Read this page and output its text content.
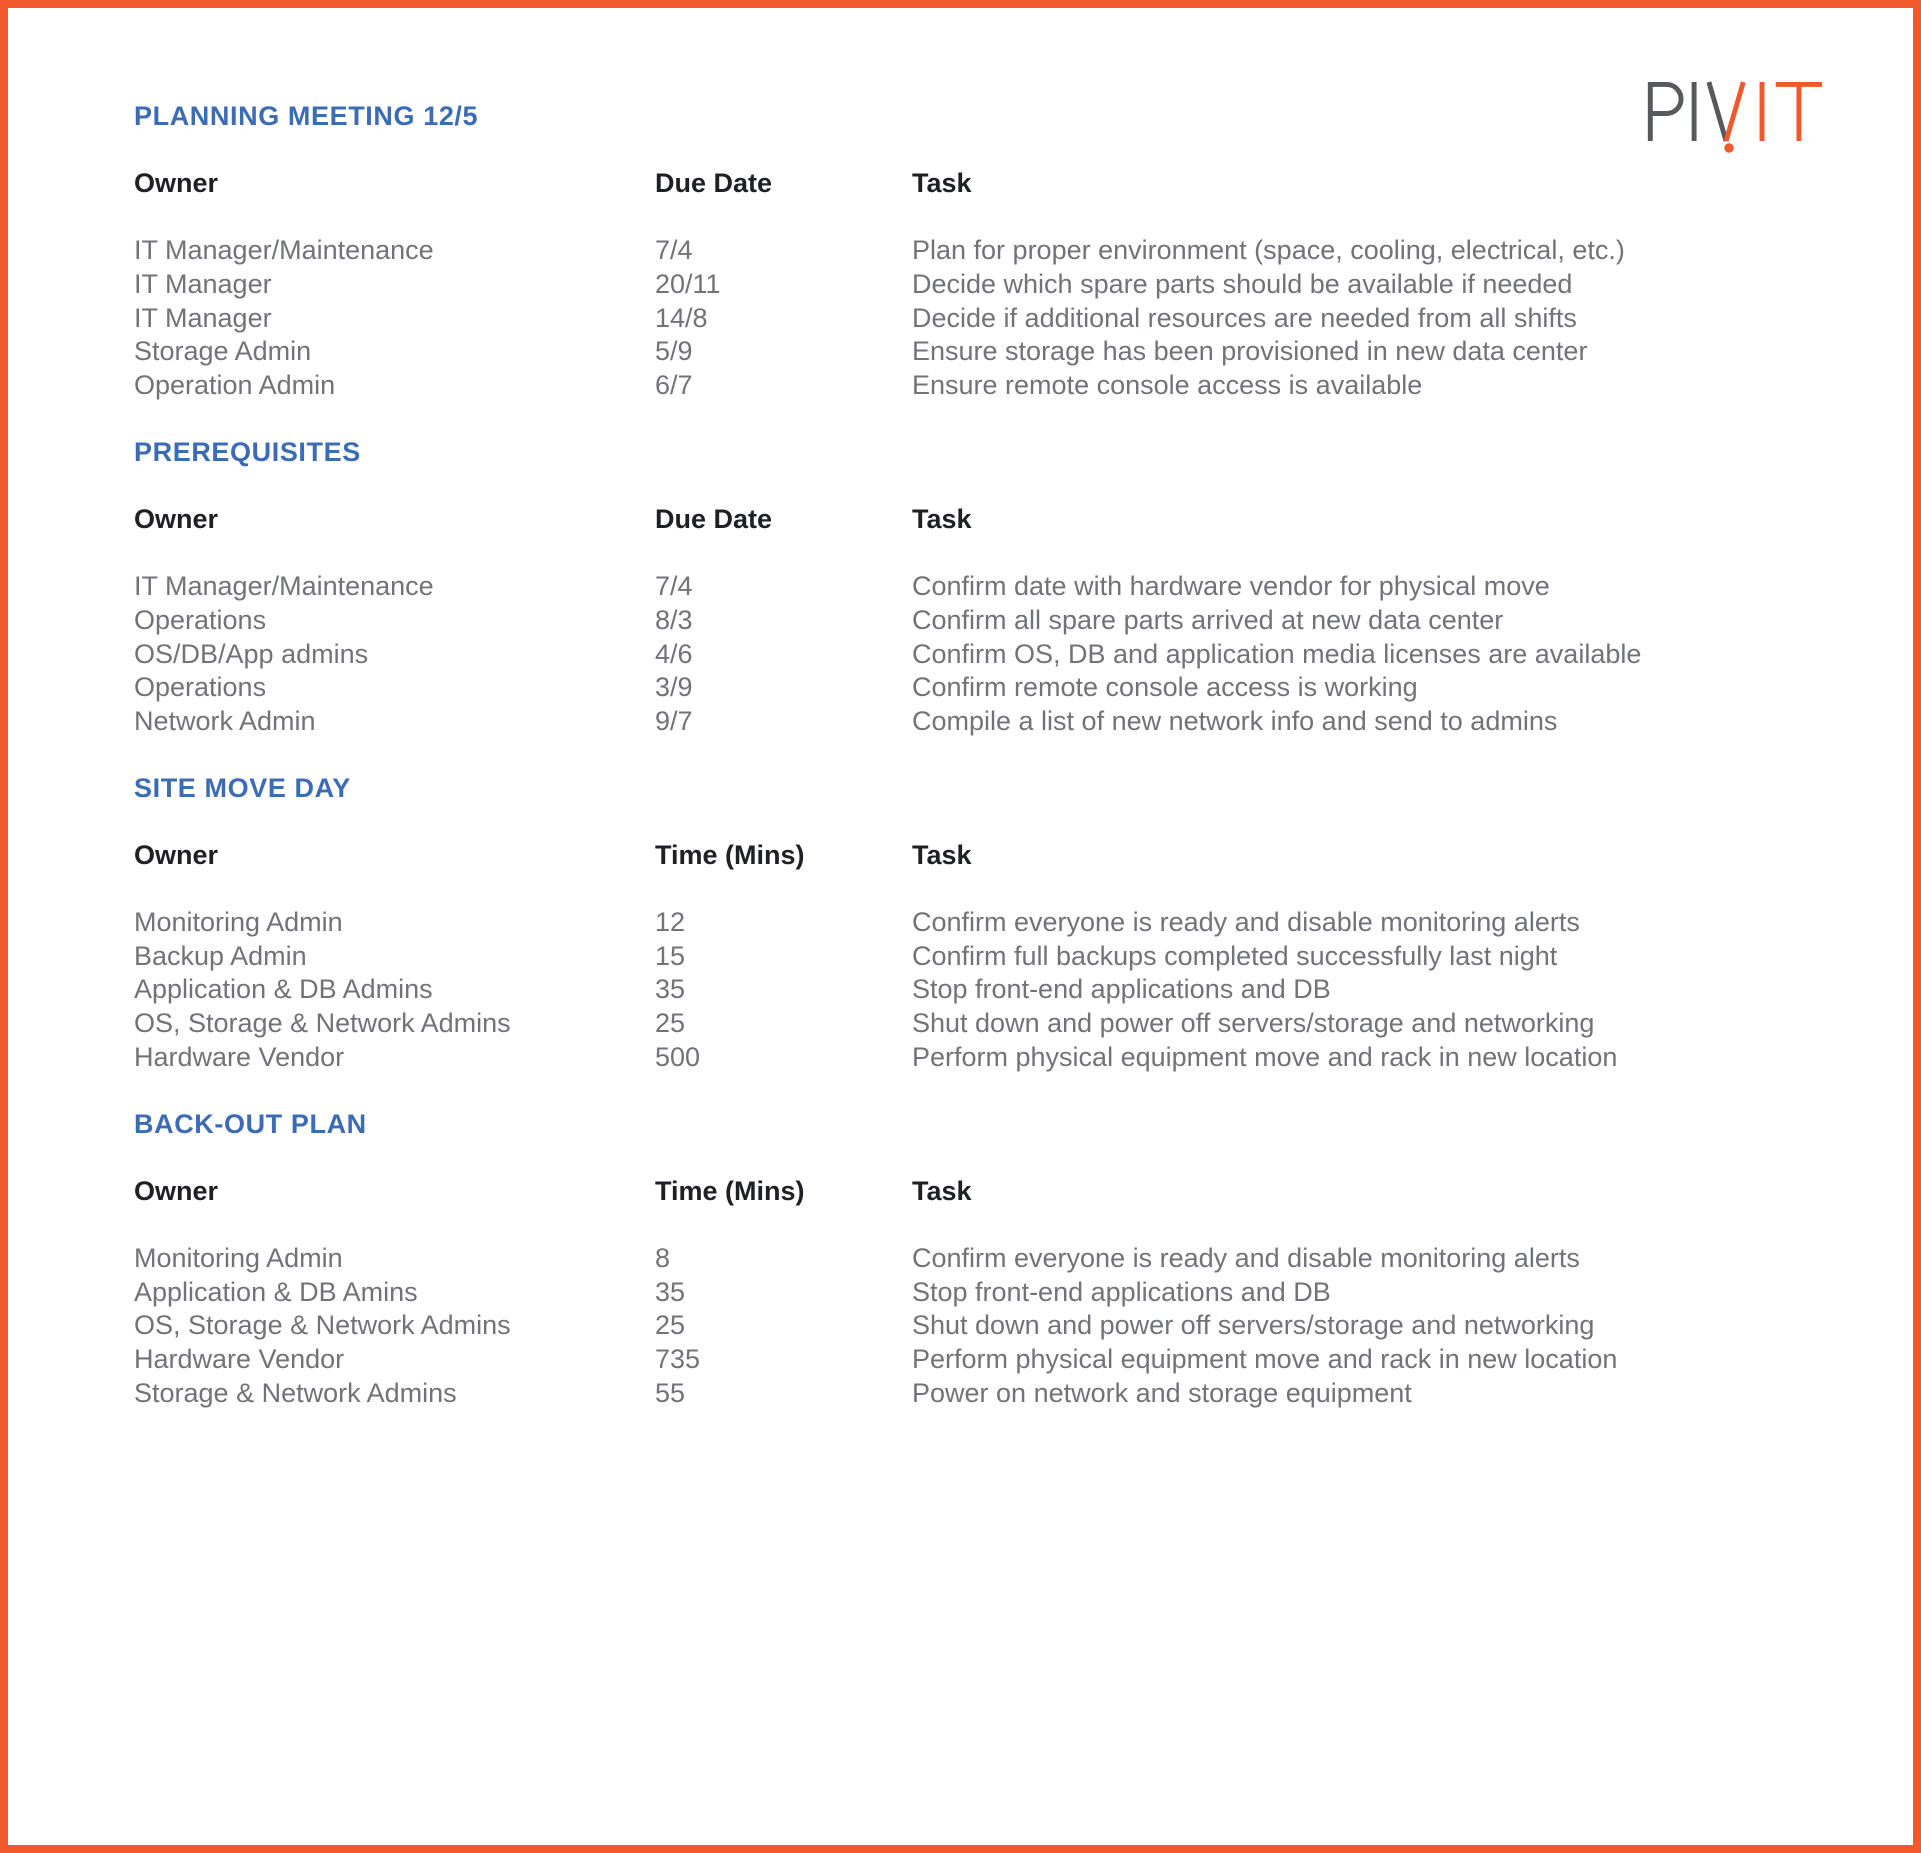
PLANNING MEETING 12/5
Owner	Due Date	Task
IT Manager/Maintenance	7/4	Plan for proper environment (space, cooling, electrical, etc.)
IT Manager	20/11	Decide which spare parts should be available if needed
IT Manager	14/8	Decide if additional resources are needed from all shifts
Storage Admin	5/9	Ensure storage has been provisioned in new data center
Operation Admin	6/7	Ensure remote console access is available
PREREQUISITES
Owner	Due Date	Task
IT Manager/Maintenance	7/4	Confirm date with hardware vendor for physical move
Operations	8/3	Confirm all spare parts arrived at new data center
OS/DB/App admins	4/6	Confirm OS, DB and application media licenses are available
Operations	3/9	Confirm remote console access is working
Network Admin	9/7	Compile a list of new network info and send to admins
SITE MOVE DAY
Owner	Time (Mins)	Task
Monitoring Admin	12	Confirm everyone is ready and disable monitoring alerts
Backup Admin	15	Confirm full backups completed successfully last night
Application & DB Admins	35	Stop front-end applications and DB
OS, Storage & Network Admins	25	Shut down and power off servers/storage and networking
Hardware Vendor	500	Perform physical equipment move and rack in new location
BACK-OUT PLAN
Owner	Time (Mins)	Task
Monitoring Admin	8	Confirm everyone is ready and disable monitoring alerts
Application & DB Amins	35	Stop front-end applications and DB
OS, Storage & Network Admins	25	Shut down and power off servers/storage and networking
Hardware Vendor	735	Perform physical equipment move and rack in new location
Storage & Network Admins	55	Power on network and storage equipment
